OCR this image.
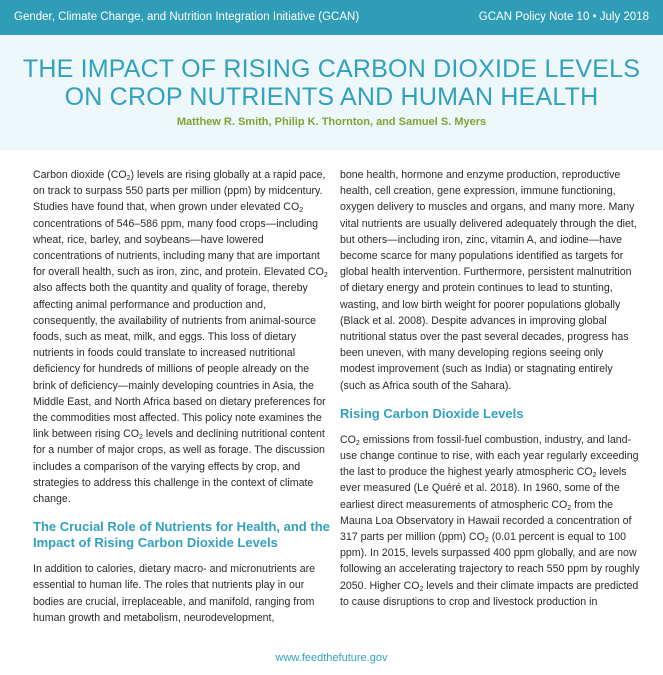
Gender, Climate Change, and Nutrition Integration Initiative (GCAN)	GCAN Policy Note 10 • July 2018
THE IMPACT OF RISING CARBON DIOXIDE LEVELS
ON CROP NUTRIENTS AND HUMAN HEALTH
Matthew R. Smith, Philip K. Thornton, and Samuel S. Myers

Carbon dioxide $(CO_2)$ levels are rising globally at a rapid pace, on track to surpass 550 parts per million (ppm) by midcentury. Studies have found that, when grown under elevated $CO_2$ concentrations of 546–586 ppm, many food crops—including wheat, rice, barley, and soybeans—have lowered concentrations of nutrients, including many that are important for overall health, such as iron, zinc, and protein. Elevated $CO_2$ also affects both the quantity and quality of forage, thereby affecting animal performance and production and, consequently, the availability of nutrients from animal-source foods, such as meat, milk, and eggs. This loss of dietary nutrients in foods could translate to increased nutritional deficiency for hundreds of millions of people already on the brink of deficiency—mainly developing countries in Asia, the Middle East, and North Africa based on dietary preferences for the commodities most affected. This policy note examines the link between rising $CO_2$ levels and declining nutritional content for a number of major crops, as well as forage. The discussion includes a comparison of the varying effects by crop, and strategies to address this challenge in the context of climate change.

The Crucial Role of Nutrients for Health, and the Impact of Rising Carbon Dioxide Levels

In addition to calories, dietary macro- and micronutrients are essential to human life. The roles that nutrients play in our bodies are crucial, irreplaceable, and manifold, ranging from human growth and metabolism, neurodevelopment,

bone health, hormone and enzyme production, reproductive health, cell creation, gene expression, immune functioning, oxygen delivery to muscles and organs, and many more. Many vital nutrients are usually delivered adequately through the diet, but others—including iron, zinc, vitamin A, and iodine—have become scarce for many populations identified as targets for global health intervention. Furthermore, persistent malnutrition of dietary energy and protein continues to lead to stunting, wasting, and low birth weight for poorer populations globally (Black et al. 2008). Despite advances in improving global nutritional status over the past several decades, progress has been uneven, with many developing regions seeing only modest improvement (such as India) or stagnating entirely (such as Africa south of the Sahara).

Rising Carbon Dioxide Levels

$CO_2$ emissions from fossil-fuel combustion, industry, and land-use change continue to rise, with each year regularly exceeding the last to produce the highest yearly atmospheric $CO_2$ levels ever measured (Le Quéré et al. 2018). In 1960, some of the earliest direct measurements of atmospheric $CO_2$ from the Mauna Loa Observatory in Hawaii recorded a concentration of 317 parts per million (ppm) $CO_2$ (0.01 percent is equal to 100 ppm). In 2015, levels surpassed 400 ppm globally, and are now following an accelerating trajectory to reach 550 ppm by roughly 2050. Higher $CO_2$ levels and their climate impacts are predicted to cause disruptions to crop and livestock production in

www.feedthefuture.gov
